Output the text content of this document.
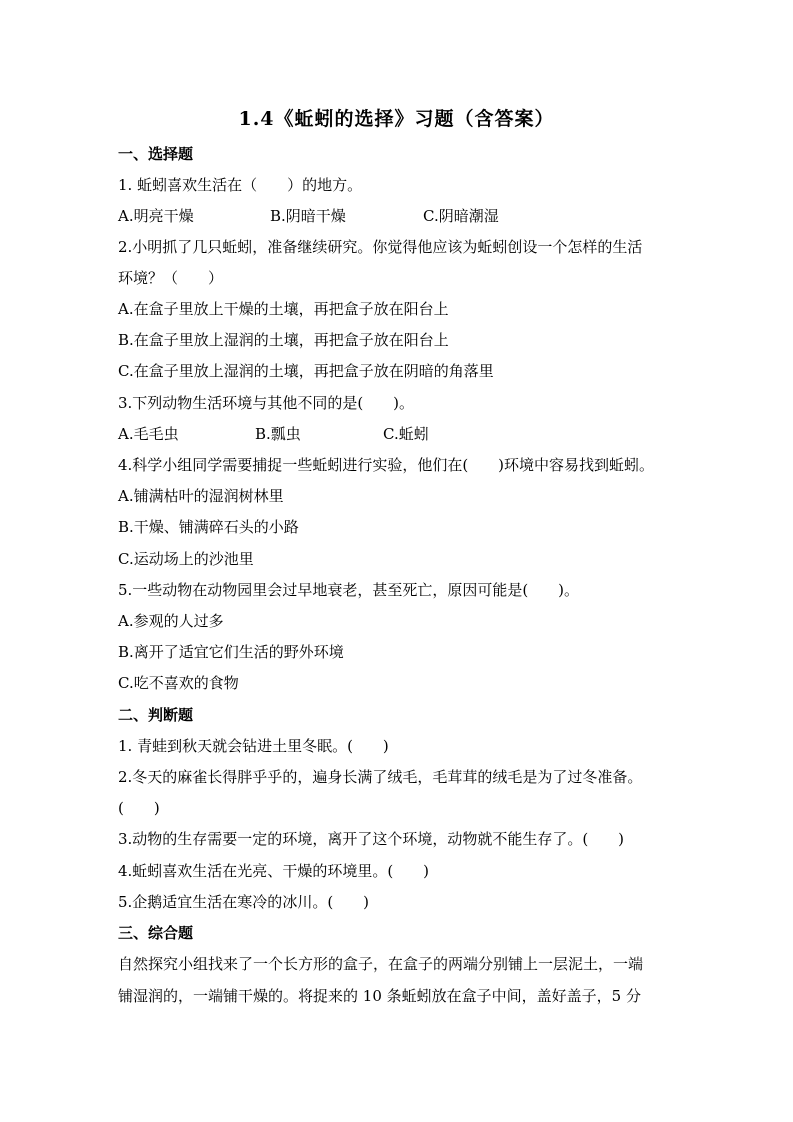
1.4《蚯蚓的选择》习题（含答案）
一、选择题
1. 蚯蚓喜欢生活在（　　）的地方。
A.明亮干燥	B.阴暗干燥	C.阴暗潮湿
2.小明抓了几只蚯蚓，准备继续研究。你觉得他应该为蚯蚓创设一个怎样的生活
环境？（　　）
A.在盒子里放上干燥的土壤，再把盒子放在阳台上
B.在盒子里放上湿润的土壤，再把盒子放在阳台上
C.在盒子里放上湿润的土壤，再把盒子放在阴暗的角落里
3.下列动物生活环境与其他不同的是(　　)。
A.毛毛虫	B.瓢虫	C.蚯蚓
4.科学小组同学需要捕捉一些蚯蚓进行实验，他们在(　　)环境中容易找到蚯蚓。
A.铺满枯叶的湿润树林里
B.干燥、铺满碎石头的小路
C.运动场上的沙池里
5.一些动物在动物园里会过早地衰老，甚至死亡，原因可能是(　　)。
A.参观的人过多
B.离开了适宜它们生活的野外环境
C.吃不喜欢的食物
二、判断题
1. 青蛙到秋天就会钻进土里冬眠。(　　)
2.冬天的麻雀长得胖乎乎的，遍身长满了绒毛，毛茸茸的绒毛是为了过冬准备。
(　　)
3.动物的生存需要一定的环境，离开了这个环境，动物就不能生存了。(　　)
4.蚯蚓喜欢生活在光亮、干燥的环境里。(　　)
5.企鹅适宜生活在寒冷的冰川。(　　)
三、综合题
自然探究小组找来了一个长方形的盒子，在盒子的两端分别铺上一层泥土，一端
铺湿润的，一端铺干燥的。将捉来的 10 条蚯蚓放在盒子中间，盖好盖子，5 分
